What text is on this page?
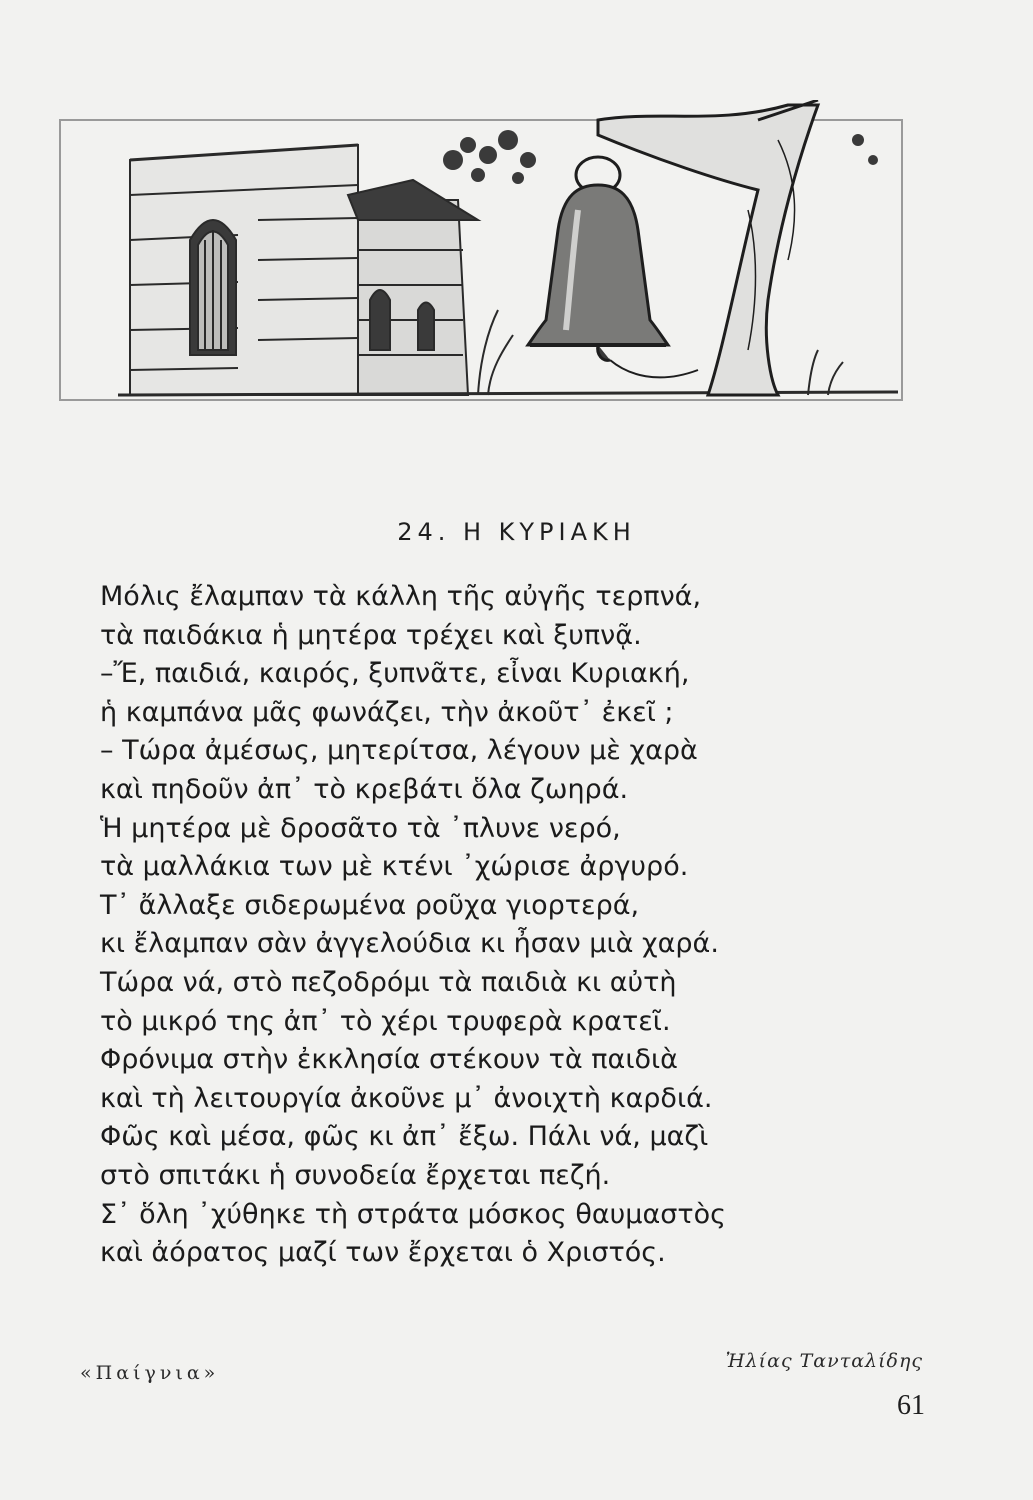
24. Η ΚΥΡΙΑΚΗ
Μόλις ἔλαμπαν τὰ κάλλη τῆς αὐγῆς τερπνά,
τὰ παιδάκια ἡ μητέρα τρέχει καὶ ξυπνᾷ.
–Ἔ, παιδιά, καιρός, ξυπνᾶτε, εἶναι Κυριακή,
ἡ καμπάνα μᾶς φωνάζει, τὴν ἀκοῦτ᾽ ἐκεῖ ;
– Τώρα ἀμέσως, μητερίτσα, λέγουν μὲ χαρὰ
καὶ πηδοῦν ἀπ᾽ τὸ κρεβάτι ὅλα ζωηρά.
Ἡ μητέρα μὲ δροσᾶτο τὰ ᾽πλυνε νερό,
τὰ μαλλάκια των μὲ κτένι ᾽χώρισε ἀργυρό.
Τ᾽ ἄλλαξε σιδερωμένα ροῦχα γιορτερά,
κι ἔλαμπαν σὰν ἀγγελούδια κι ἦσαν μιὰ χαρά.
Τώρα νά, στὸ πεζοδρόμι τὰ παιδιὰ κι αὐτὴ
τὸ μικρό της ἀπ᾽ τὸ χέρι τρυφερὰ κρατεῖ.
Φρόνιμα στὴν ἐκκλησία στέκουν τὰ παιδιὰ
καὶ τὴ λειτουργία ἀκοῦνε μ᾽ ἀνοιχτὴ καρδιά.
Φῶς καὶ μέσα, φῶς κι ἀπ᾽ ἔξω. Πάλι νά, μαζὶ
στὸ σπιτάκι ἡ συνοδεία ἔρχεται πεζή.
Σ᾽ ὅλη ᾽χύθηκε τὴ στράτα μόσκος θαυμαστὸς
καὶ ἀόρατος μαζί των ἔρχεται ὁ Χριστός.
«Παίγνια»
Ἠλίας Τανταλίδης
61
